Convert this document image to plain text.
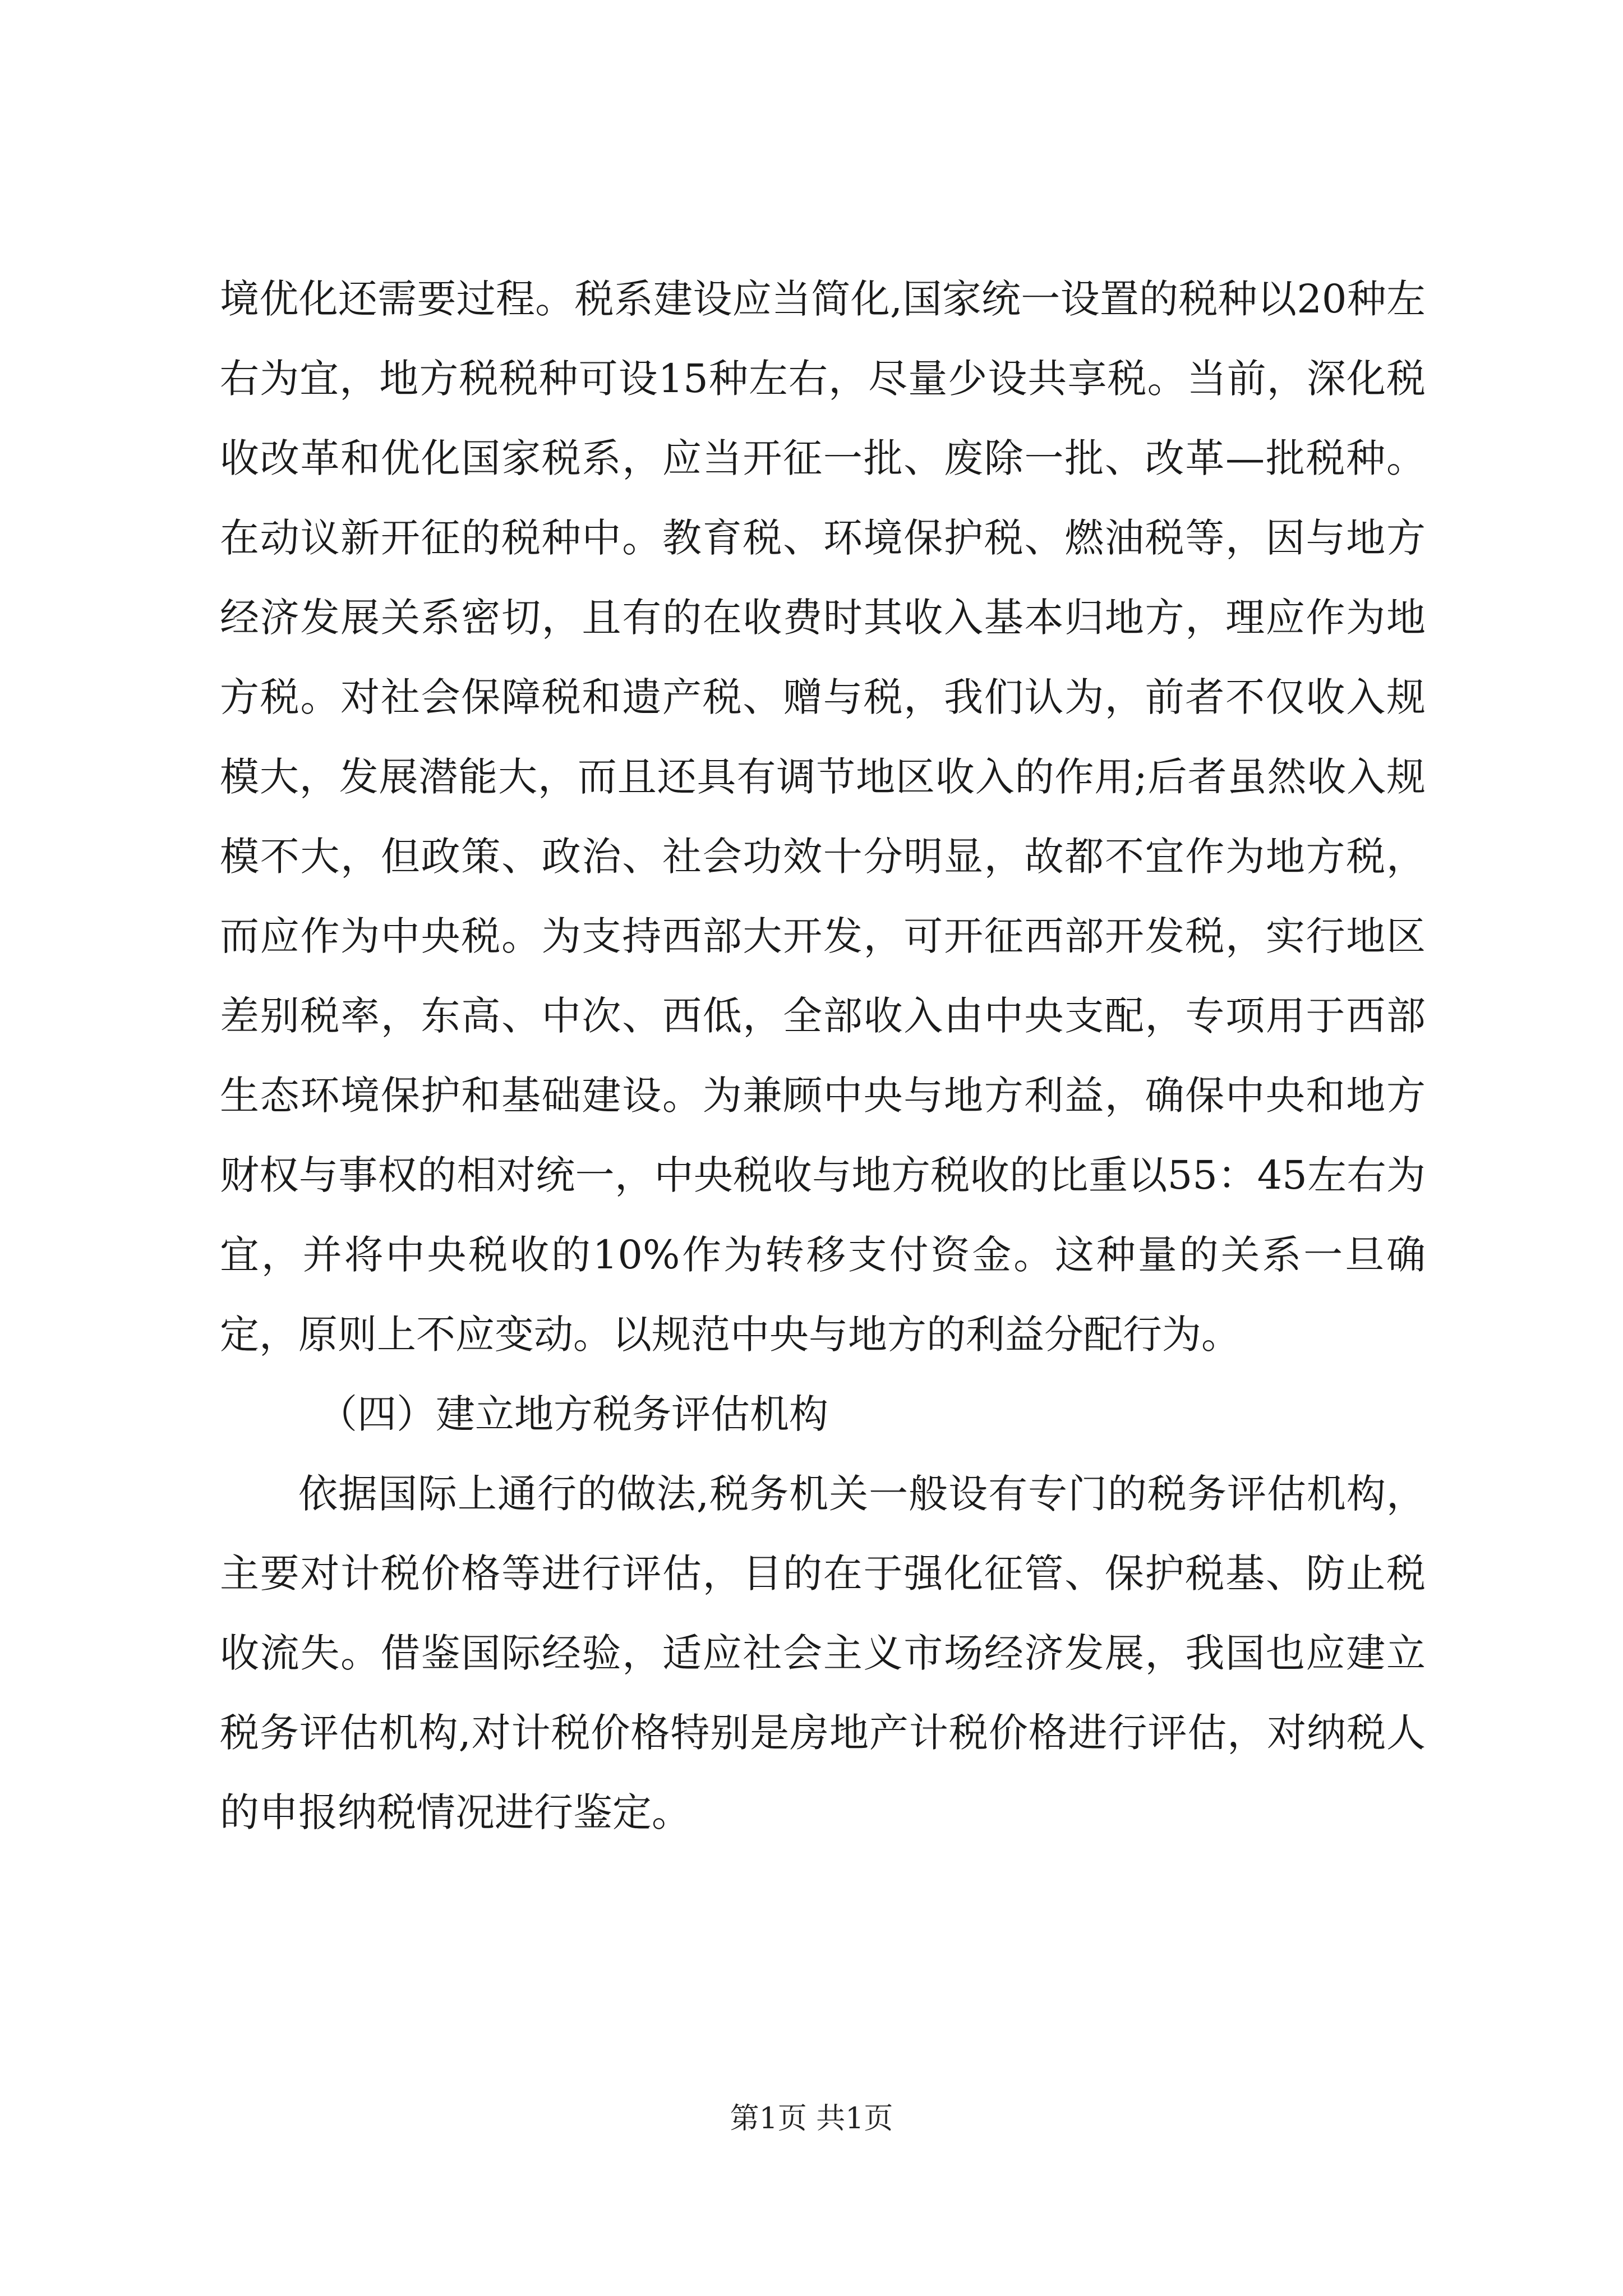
境优化还需要过程。税系建设应当简化,国家统一设置的税种以20种左右为宜，地方税税种可设15种左右，尽量少设共享税。当前，深化税收改革和优化国家税系，应当开征一批、废除一批、改革—批税种。在动议新开征的税种中。教育税、环境保护税、燃油税等，因与地方经济发展关系密切，且有的在收费时其收入基本归地方，理应作为地方税。对社会保障税和遗产税、赠与税，我们认为，前者不仅收入规模大，发展潜能大，而且还具有调节地区收入的作用;后者虽然收入规模不大，但政策、政治、社会功效十分明显，故都不宜作为地方税，而应作为中央税。为支持西部大开发，可开征西部开发税，实行地区差别税率，东高、中次、西低，全部收入由中央支配，专项用于西部生态环境保护和基础建设。为兼顾中央与地方利益，确保中央和地方财权与事权的相对统一，中央税收与地方税收的比重以55：45左右为宜，并将中央税收的10%作为转移支付资金。这种量的关系一旦确定，原则上不应变动。以规范中央与地方的利益分配行为。

（四）建立地方税务评估机构

依据国际上通行的做法,税务机关一般设有专门的税务评估机构，主要对计税价格等进行评估，目的在于强化征管、保护税基、防止税收流失。借鉴国际经验，适应社会主义市场经济发展，我国也应建立税务评估机构,对计税价格特别是房地产计税价格进行评估，对纳税人的申报纳税情况进行鉴定。

第1页 共1页
